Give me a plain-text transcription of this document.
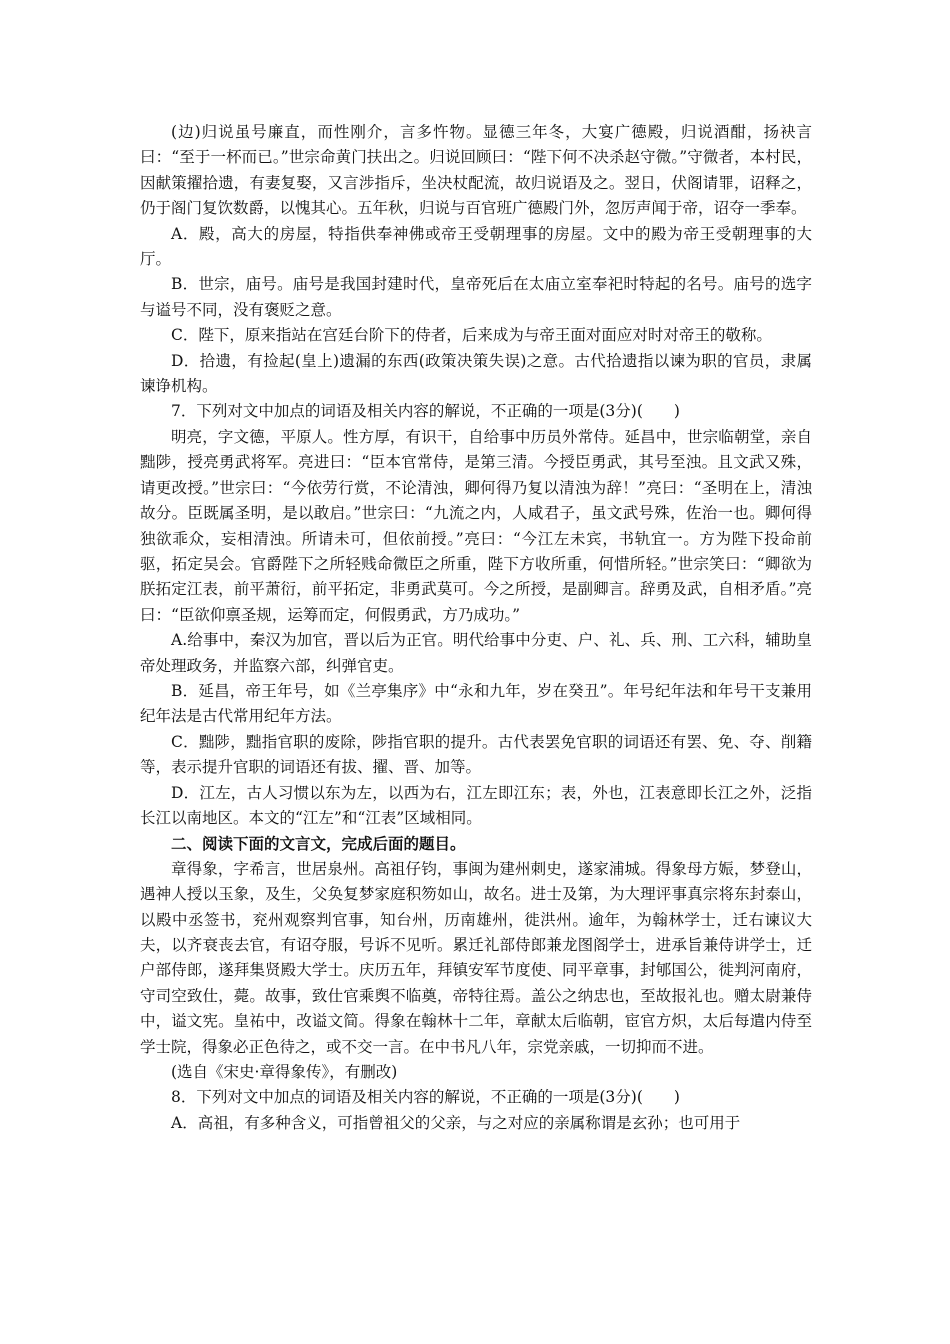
(边)归说虽号廉直，而性刚介，言多忤物。显德三年冬，大宴广德殿，归说酒酣，扬袂言曰：“至于一杯而已。”世宗命黄门扶出之。归说回顾曰：“陛下何不决杀赵守微。”守微者，本村民，因献策擢拾遗，有妻复娶，又言涉指斥，坐决杖配流，故归说语及之。翌日，伏阁请罪，诏释之，仍于阁门复饮数爵，以愧其心。五年秋，归说与百官班广德殿门外，忽厉声闻于帝，诏夺一季奉。

A．殿，高大的房屋，特指供奉神佛或帝王受朝理事的房屋。文中的殿为帝王受朝理事的大厅。

B．世宗，庙号。庙号是我国封建时代，皇帝死后在太庙立室奉祀时特起的名号。庙号的选字与谥号不同，没有褒贬之意。

C．陛下，原来指站在宫廷台阶下的侍者，后来成为与帝王面对面应对时对帝王的敬称。

D．拾遗，有捡起(皇上)遗漏的东西(政策决策失误)之意。古代拾遗指以谏为职的官员，隶属谏诤机构。

7．下列对文中加点的词语及相关内容的解说，不正确的一项是(3分)(　　)

明亮，字文德，平原人。性方厚，有识干，自给事中历员外常侍。延昌中，世宗临朝堂，亲自黜陟，授亮勇武将军。亮进曰：“臣本官常侍，是第三清。今授臣勇武，其号至浊。且文武又殊，请更改授。”世宗曰：“今依劳行赏，不论清浊，卿何得乃复以清浊为辞！”亮曰：“圣明在上，清浊故分。臣既属圣明，是以敢启。”世宗曰：“九流之内，人咸君子，虽文武号殊，佐治一也。卿何得独欲乖众，妄相清浊。所请未可，但依前授。”亮曰：“今江左未宾，书轨宜一。方为陛下投命前驱，拓定吴会。官爵陛下之所轻贱命微臣之所重，陛下方收所重，何惜所轻。”世宗笑曰：“卿欲为朕拓定江表，前平萧衍，前平拓定，非勇武莫可。今之所授，是副卿言。辞勇及武，自相矛盾。”亮曰：“臣欲仰禀圣规，运筹而定，何假勇武，方乃成功。”

A.给事中，秦汉为加官，晋以后为正官。明代给事中分吏、户、礼、兵、刑、工六科，辅助皇帝处理政务，并监察六部，纠弹官吏。

B．延昌，帝王年号，如《兰亭集序》中“永和九年，岁在癸丑”。年号纪年法和年号干支兼用纪年法是古代常用纪年方法。

C．黜陟，黜指官职的废除，陟指官职的提升。古代表罢免官职的词语还有罢、免、夺、削籍等，表示提升官职的词语还有拔、擢、晋、加等。

D．江左，古人习惯以东为左，以西为右，江左即江东；表，外也，江表意即长江之外，泛指长江以南地区。本文的“江左”和“江表”区域相同。

二、阅读下面的文言文，完成后面的题目。

章得象，字希言，世居泉州。高祖仔钧，事闽为建州刺史，遂家浦城。得象母方娠，梦登山，遇神人授以玉象，及生，父奂复梦家庭积笏如山，故名。进士及第，为大理评事真宗将东封泰山，以殿中丞签书，兖州观察判官事，知台州，历南雄州，徙洪州。逾年，为翰林学士，迁右谏议大夫，以齐衰丧去官，有诏夺服，号诉不见听。累迁礼部侍郎兼龙图阁学士，进承旨兼侍讲学士，迁户部侍郎，遂拜集贤殿大学士。庆历五年，拜镇安军节度使、同平章事，封郇国公，徙判河南府，守司空致仕，薨。故事，致仕官乘舆不临奠，帝特往焉。盖公之纳忠也，至故报礼也。赠太尉兼侍中，谥文宪。皇祐中，改谥文简。得象在翰林十二年，章献太后临朝，宦官方炽，太后每遣内侍至学士院，得象必正色待之，或不交一言。在中书凡八年，宗党亲戚，一切抑而不进。

(选自《宋史·章得象传》，有删改)

8．下列对文中加点的词语及相关内容的解说，不正确的一项是(3分)(　　)

A．高祖，有多种含义，可指曾祖父的父亲，与之对应的亲属称谓是玄孙；也可用于
